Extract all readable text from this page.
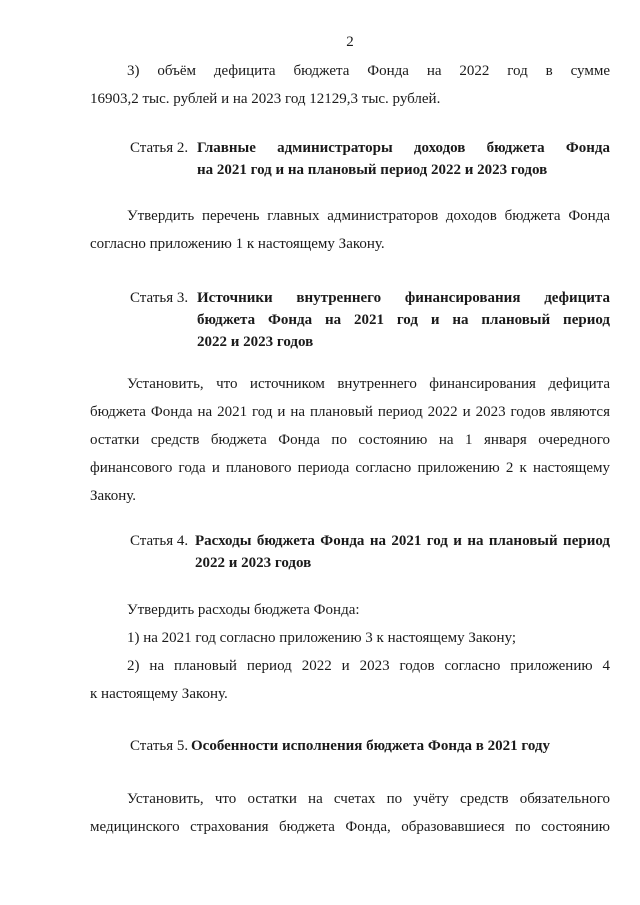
2
3) объём дефицита бюджета Фонда на 2022 год в сумме
16903,2 тыс. рублей и на 2023 год 12129,3 тыс. рублей.
Статья 2. Главные администраторы доходов бюджета Фонда
на 2021 год и на плановый период 2022 и 2023 годов
Утвердить перечень главных администраторов доходов бюджета Фонда
согласно приложению 1 к настоящему Закону.
Статья 3. Источники внутреннего финансирования дефицита
бюджета Фонда на 2021 год и на плановый период
2022 и 2023 годов
Установить, что источником внутреннего финансирования дефицита
бюджета Фонда на 2021 год и на плановый период 2022 и 2023 годов являются
остатки средств бюджета Фонда по состоянию на 1 января очередного
финансового года и планового периода согласно приложению 2 к настоящему
Закону.
Статья 4. Расходы бюджета Фонда на 2021 год и на плановый период
2022 и 2023 годов
Утвердить расходы бюджета Фонда:
1) на 2021 год согласно приложению 3 к настоящему Закону;
2) на плановый период 2022 и 2023 годов согласно приложению 4
к настоящему Закону.
Статья 5. Особенности исполнения бюджета Фонда в 2021 году
Установить, что остатки на счетах по учёту средств обязательного
медицинского страхования бюджета Фонда, образовавшиеся по состоянию
